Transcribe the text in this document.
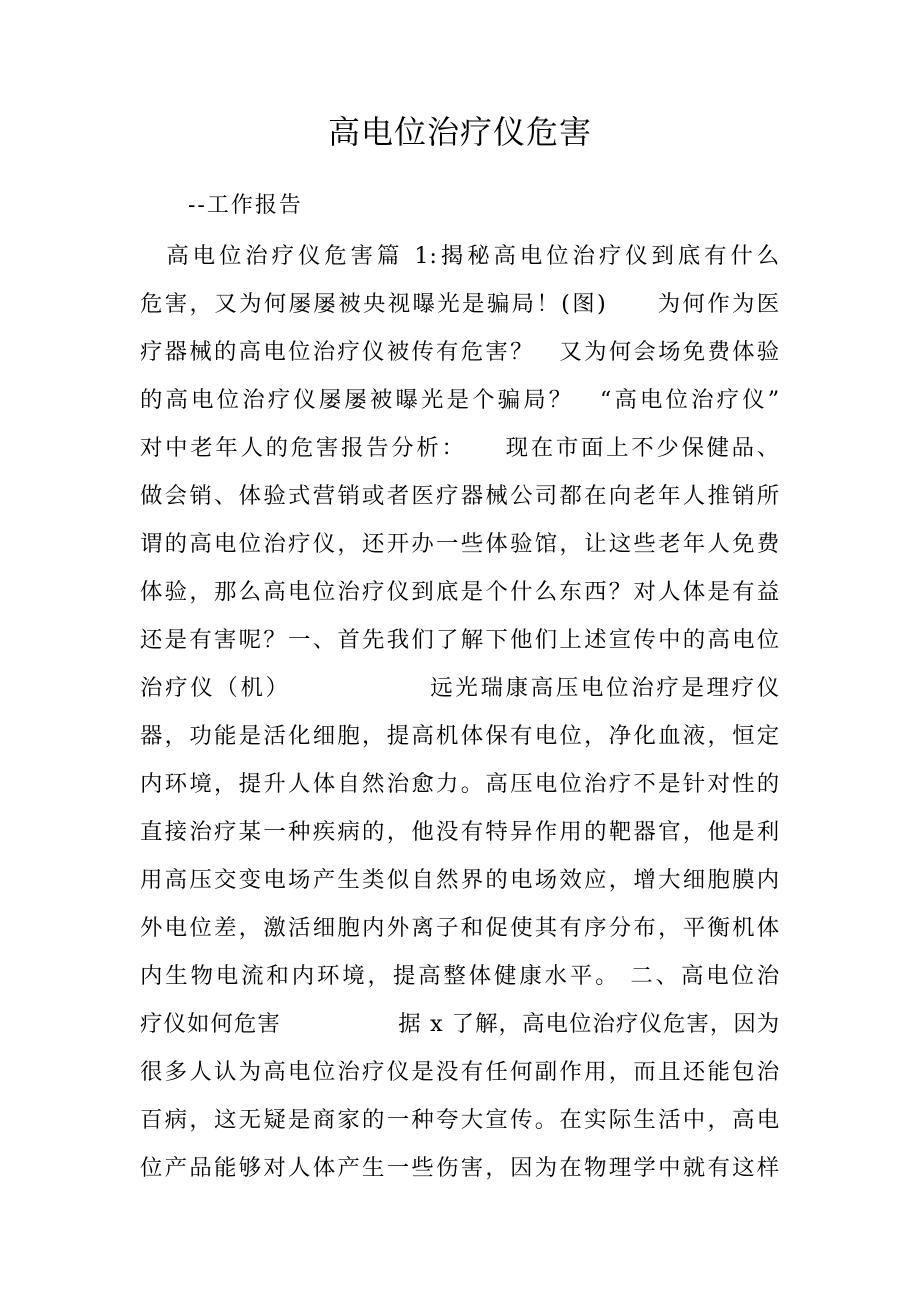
高电位治疗仪危害
--工作报告
　高电位治疗仪危害篇 1:揭秘高电位治疗仪到底有什么
危害，又为何屡屡被央视曝光是骗局！(图)　　为何作为医
疗器械的高电位治疗仪被传有危害？　又为何会场免费体验
的高电位治疗仪屡屡被曝光是个骗局？　“高电位治疗仪”
对中老年人的危害报告分析：　　现在市面上不少保健品、
做会销、体验式营销或者医疗器械公司都在向老年人推销所
谓的高电位治疗仪，还开办一些体验馆，让这些老年人免费
体验，那么高电位治疗仪到底是个什么东西？对人体是有益
还是有害呢？一、首先我们了解下他们上述宣传中的高电位
治疗仪（机）　　　　　　远光瑞康高压电位治疗是理疗仪
器，功能是活化细胞，提高机体保有电位，净化血液，恒定
内环境，提升人体自然治愈力。高压电位治疗不是针对性的
直接治疗某一种疾病的，他没有特异作用的靶器官，他是利
用高压交变电场产生类似自然界的电场效应，增大细胞膜内
外电位差，激活细胞内外离子和促使其有序分布，平衡机体
内生物电流和内环境，提高整体健康水平。 二、高电位治
疗仪如何危害　　　　　据 x 了解，高电位治疗仪危害，因为
很多人认为高电位治疗仪是没有任何副作用，而且还能包治
百病，这无疑是商家的一种夸大宣传。在实际生活中，高电
位产品能够对人体产生一些伤害，因为在物理学中就有这样
